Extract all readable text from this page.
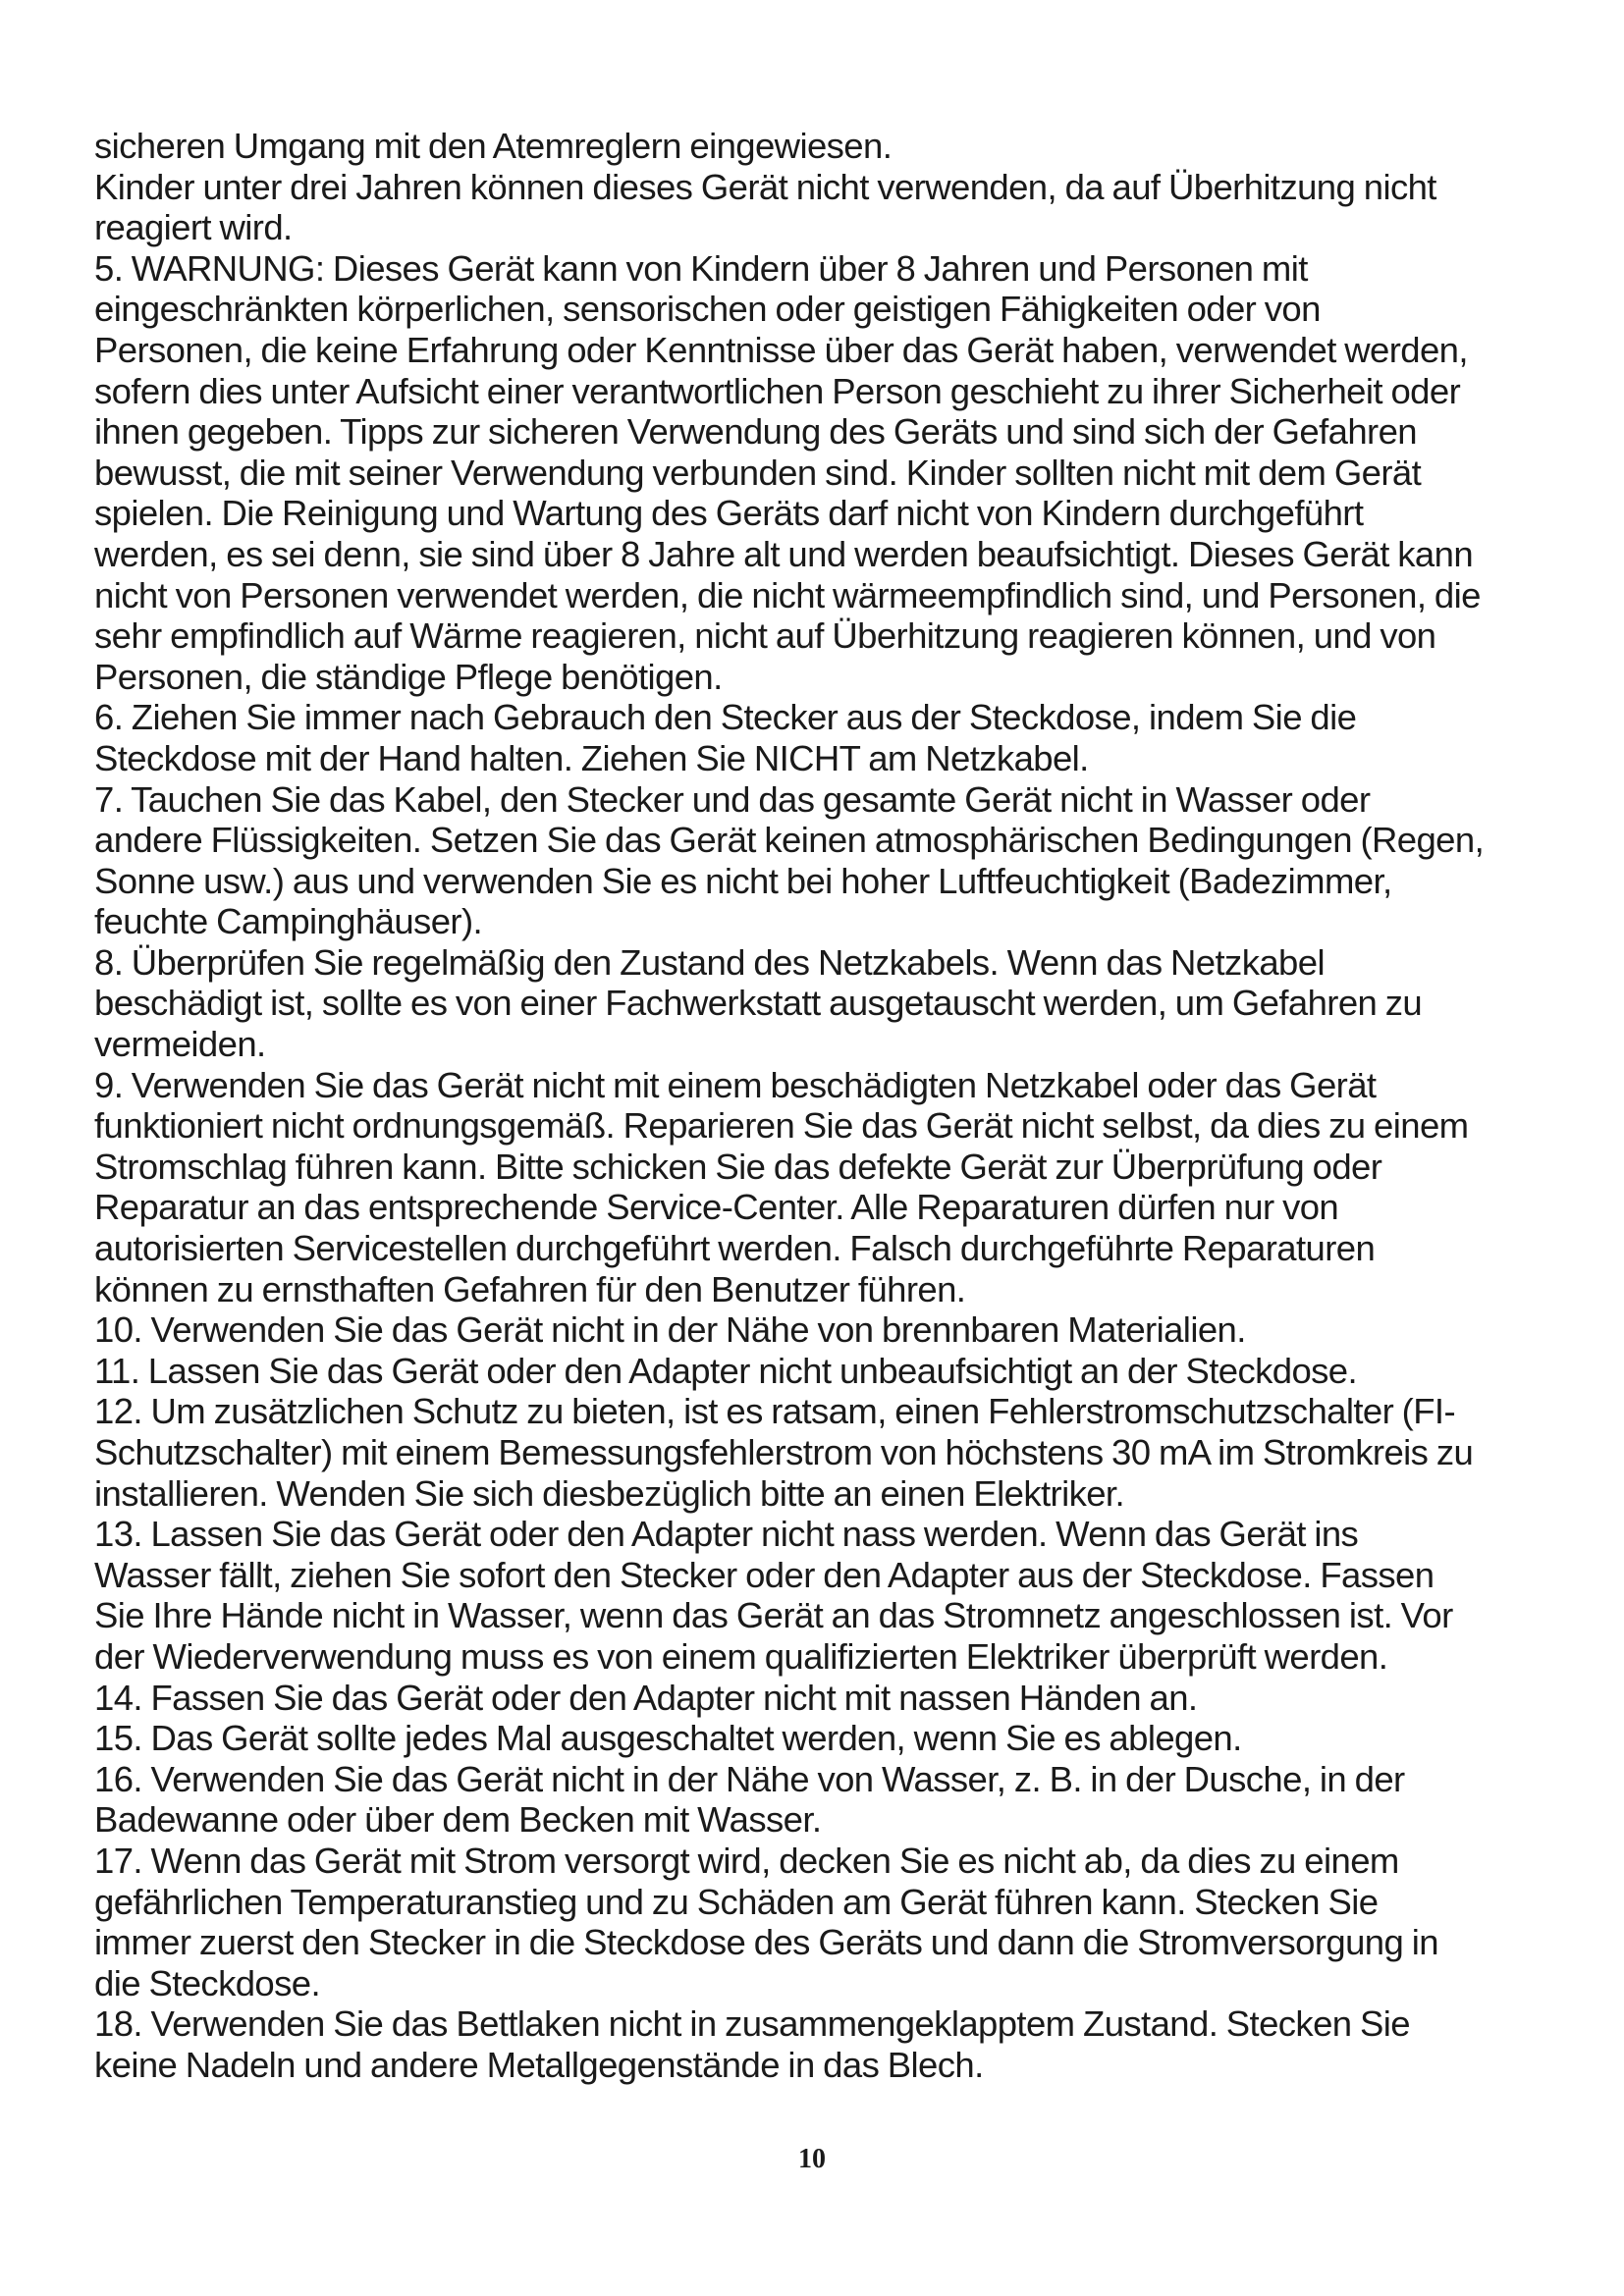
sicheren Umgang mit den Atemreglern eingewiesen.
Kinder unter drei Jahren können dieses Gerät nicht verwenden, da auf Überhitzung nicht
reagiert wird.
5. WARNUNG: Dieses Gerät kann von Kindern über 8 Jahren und Personen mit
eingeschränkten körperlichen, sensorischen oder geistigen Fähigkeiten oder von
Personen, die keine Erfahrung oder Kenntnisse über das Gerät haben, verwendet werden,
sofern dies unter Aufsicht einer verantwortlichen Person geschieht zu ihrer Sicherheit oder
ihnen gegeben. Tipps zur sicheren Verwendung des Geräts und sind sich der Gefahren
bewusst, die mit seiner Verwendung verbunden sind. Kinder sollten nicht mit dem Gerät
spielen. Die Reinigung und Wartung des Geräts darf nicht von Kindern durchgeführt
werden, es sei denn, sie sind über 8 Jahre alt und werden beaufsichtigt. Dieses Gerät kann
nicht von Personen verwendet werden, die nicht wärmeempfindlich sind, und Personen, die
sehr empfindlich auf Wärme reagieren, nicht auf Überhitzung reagieren können, und von
Personen, die ständige Pflege benötigen.
6. Ziehen Sie immer nach Gebrauch den Stecker aus der Steckdose, indem Sie die
Steckdose mit der Hand halten. Ziehen Sie NICHT am Netzkabel.
7. Tauchen Sie das Kabel, den Stecker und das gesamte Gerät nicht in Wasser oder
andere Flüssigkeiten. Setzen Sie das Gerät keinen atmosphärischen Bedingungen (Regen,
Sonne usw.) aus und verwenden Sie es nicht bei hoher Luftfeuchtigkeit (Badezimmer,
feuchte Campinghäuser).
8. Überprüfen Sie regelmäßig den Zustand des Netzkabels. Wenn das Netzkabel
beschädigt ist, sollte es von einer Fachwerkstatt ausgetauscht werden, um Gefahren zu
vermeiden.
9. Verwenden Sie das Gerät nicht mit einem beschädigten Netzkabel oder das Gerät
funktioniert nicht ordnungsgemäß. Reparieren Sie das Gerät nicht selbst, da dies zu einem
Stromschlag führen kann. Bitte schicken Sie das defekte Gerät zur Überprüfung oder
Reparatur an das entsprechende Service-Center. Alle Reparaturen dürfen nur von
autorisierten Servicestellen durchgeführt werden. Falsch durchgeführte Reparaturen
können zu ernsthaften Gefahren für den Benutzer führen.
10. Verwenden Sie das Gerät nicht in der Nähe von brennbaren Materialien.
11. Lassen Sie das Gerät oder den Adapter nicht unbeaufsichtigt an der Steckdose.
12. Um zusätzlichen Schutz zu bieten, ist es ratsam, einen Fehlerstromschutzschalter (FI-
Schutzschalter) mit einem Bemessungsfehlerstrom von höchstens 30 mA im Stromkreis zu
installieren. Wenden Sie sich diesbezüglich bitte an einen Elektriker.
13. Lassen Sie das Gerät oder den Adapter nicht nass werden. Wenn das Gerät ins
Wasser fällt, ziehen Sie sofort den Stecker oder den Adapter aus der Steckdose. Fassen
Sie Ihre Hände nicht in Wasser, wenn das Gerät an das Stromnetz angeschlossen ist. Vor
der Wiederverwendung muss es von einem qualifizierten Elektriker überprüft werden.
14. Fassen Sie das Gerät oder den Adapter nicht mit nassen Händen an.
15. Das Gerät sollte jedes Mal ausgeschaltet werden, wenn Sie es ablegen.
16. Verwenden Sie das Gerät nicht in der Nähe von Wasser, z. B. in der Dusche, in der
Badewanne oder über dem Becken mit Wasser.
17. Wenn das Gerät mit Strom versorgt wird, decken Sie es nicht ab, da dies zu einem
gefährlichen Temperaturanstieg und zu Schäden am Gerät führen kann. Stecken Sie
immer zuerst den Stecker in die Steckdose des Geräts und dann die Stromversorgung in
die Steckdose.
18. Verwenden Sie das Bettlaken nicht in zusammengeklapptem Zustand. Stecken Sie
keine Nadeln und andere Metallgegenstände in das Blech.
10
